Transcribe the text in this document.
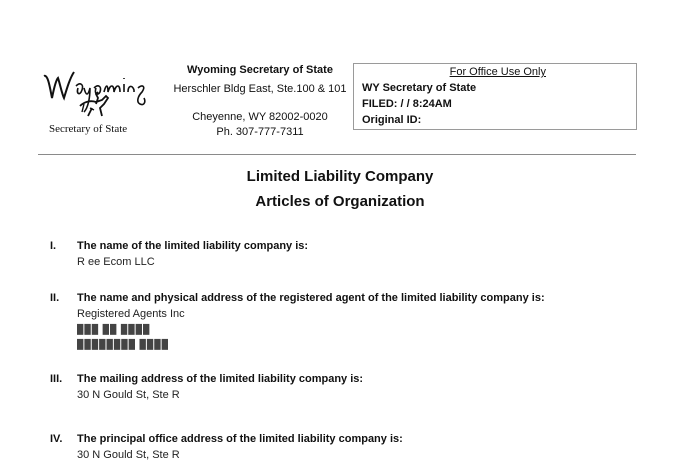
Secretary of State
Wyoming Secretary of State
Herschler Bldg East, Ste.100 & 101
Cheyenne, WY 82002-0020
Ph. 307-777-7311
For Office Use Only
WY Secretary of State
FILED: / / 8:24AM
Original ID:
Limited Liability Company
Articles of Organization
I. The name of the limited liability company is:
R ee Ecom LLC
II. The name and physical address of the registered agent of the limited liability company is:
Registered Agents Inc
███ ██ ████
████████ ████
III. The mailing address of the limited liability company is:
30 N Gould St, Ste R
IV. The principal office address of the limited liability company is:
30 N Gould St, Ste R
